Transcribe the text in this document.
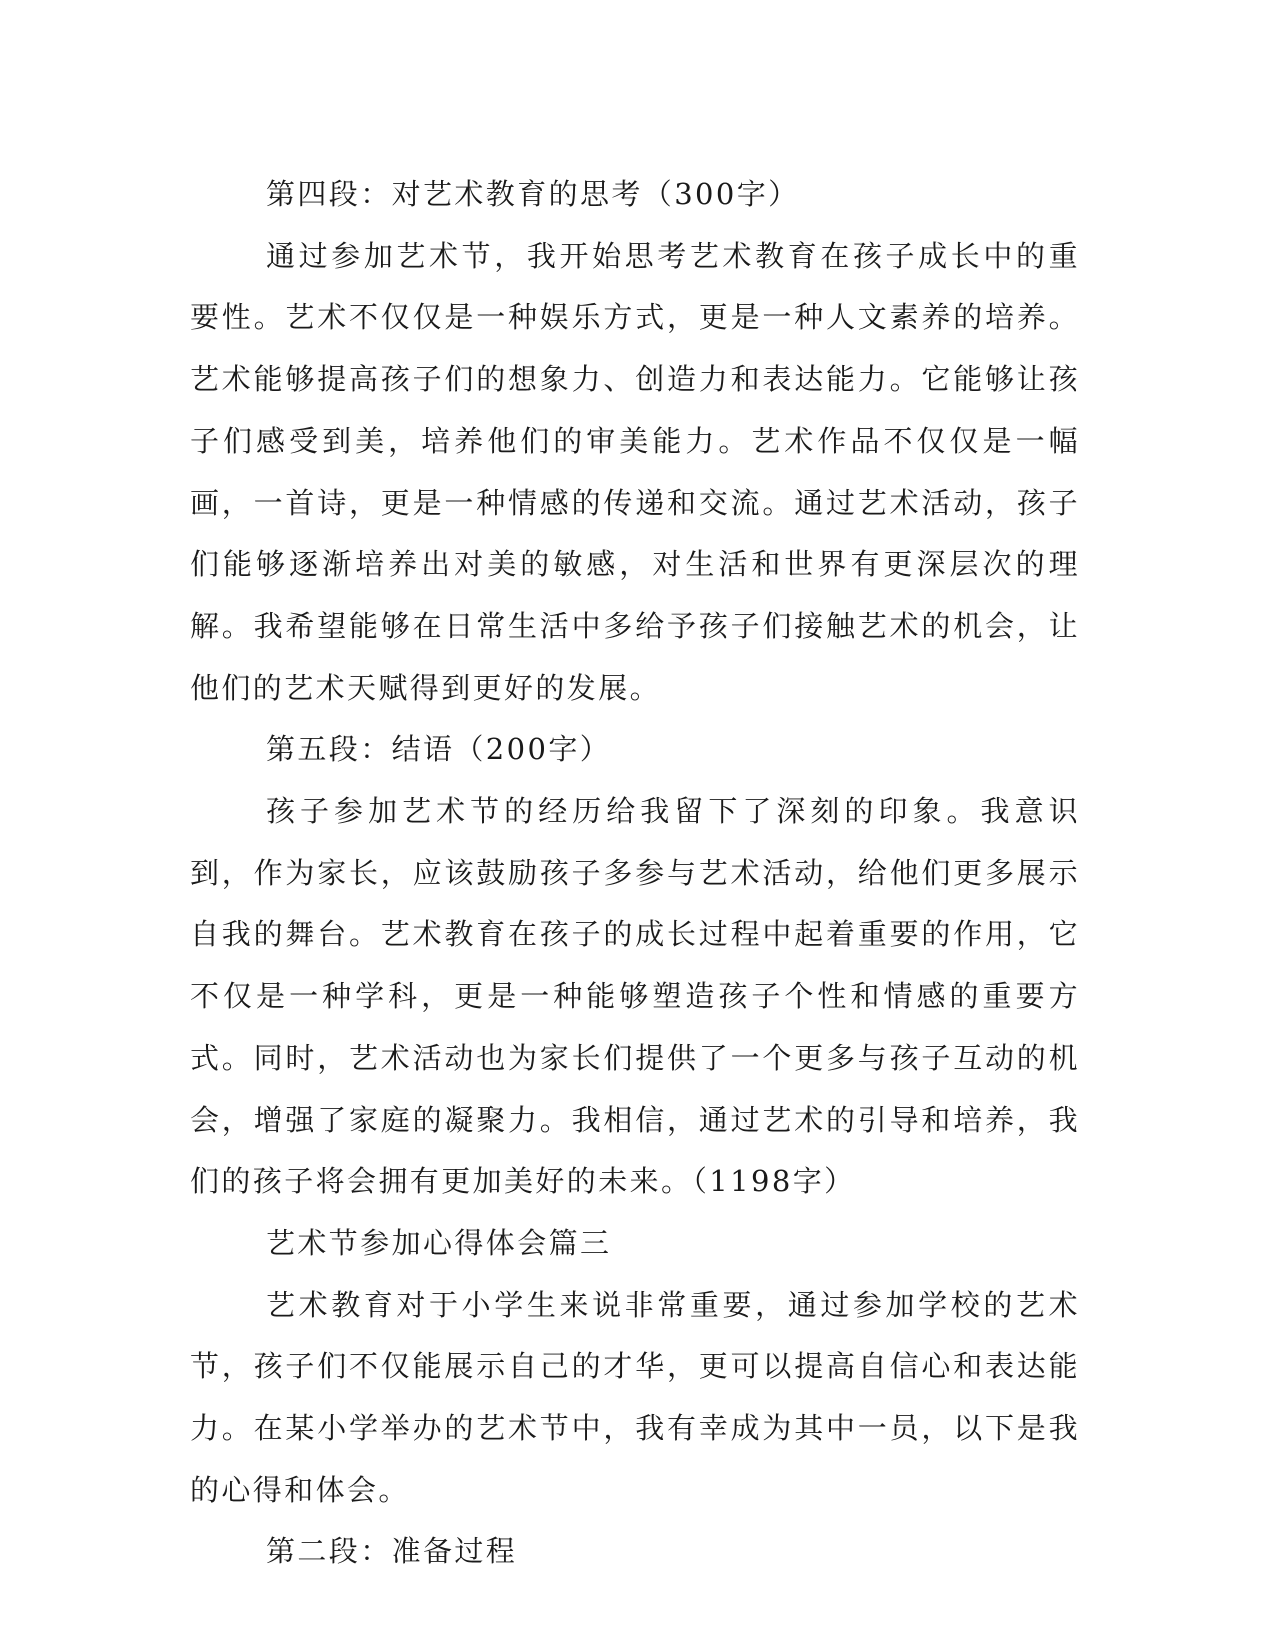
第四段：对艺术教育的思考（300字）

通过参加艺术节，我开始思考艺术教育在孩子成长中的重要性。艺术不仅仅是一种娱乐方式，更是一种人文素养的培养。艺术能够提高孩子们的想象力、创造力和表达能力。它能够让孩子们感受到美，培养他们的审美能力。艺术作品不仅仅是一幅画，一首诗，更是一种情感的传递和交流。通过艺术活动，孩子们能够逐渐培养出对美的敏感，对生活和世界有更深层次的理解。我希望能够在日常生活中多给予孩子们接触艺术的机会，让他们的艺术天赋得到更好的发展。

第五段：结语（200字）

孩子参加艺术节的经历给我留下了深刻的印象。我意识到，作为家长，应该鼓励孩子多参与艺术活动，给他们更多展示自我的舞台。艺术教育在孩子的成长过程中起着重要的作用，它不仅是一种学科，更是一种能够塑造孩子个性和情感的重要方式。同时，艺术活动也为家长们提供了一个更多与孩子互动的机会，增强了家庭的凝聚力。我相信，通过艺术的引导和培养，我们的孩子将会拥有更加美好的未来。（1198字）

艺术节参加心得体会篇三

艺术教育对于小学生来说非常重要，通过参加学校的艺术节，孩子们不仅能展示自己的才华，更可以提高自信心和表达能力。在某小学举办的艺术节中，我有幸成为其中一员，以下是我的心得和体会。

第二段：准备过程
